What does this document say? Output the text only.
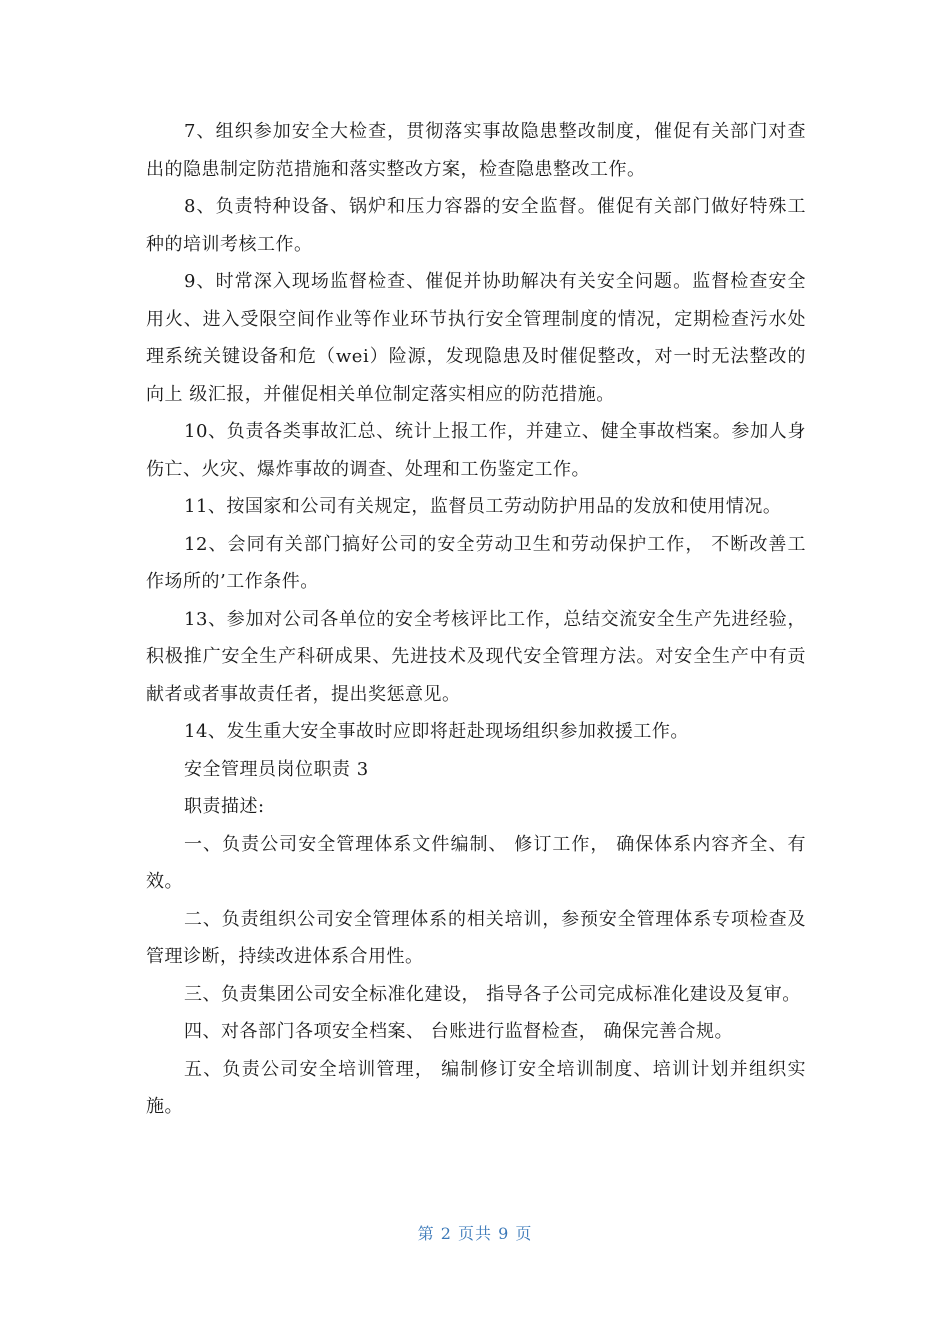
7、组织参加安全大检查，贯彻落实事故隐患整改制度，催促有关部门对查出的隐患制定防范措施和落实整改方案，检查隐患整改工作。

8、负责特种设备、锅炉和压力容器的安全监督。催促有关部门做好特殊工种的培训考核工作。

9、时常深入现场监督检查、催促并协助解决有关安全问题。监督检查安全用火、进入受限空间作业等作业环节执行安全管理制度的情况，定期检查污水处理系统关键设备和危（wei）险源，发现隐患及时催促整改，对一时无法整改的向上 级汇报，并催促相关单位制定落实相应的防范措施。

10、负责各类事故汇总、统计上报工作，并建立、健全事故档案。参加人身伤亡、火灾、爆炸事故的调查、处理和工伤鉴定工作。

11、按国家和公司有关规定，监督员工劳动防护用品的发放和使用情况。

12、会同有关部门搞好公司的安全劳动卫生和劳动保护工作， 不断改善工作场所的’工作条件。

13、参加对公司各单位的安全考核评比工作，总结交流安全生产先进经验，积极推广安全生产科研成果、先进技术及现代安全管理方法。对安全生产中有贡献者或者事故责任者，提出奖惩意见。

14、发生重大安全事故时应即将赶赴现场组织参加救援工作。

安全管理员岗位职责 3

职责描述:

一、负责公司安全管理体系文件编制、 修订工作， 确保体系内容齐全、有效。

二、负责组织公司安全管理体系的相关培训，参预安全管理体系专项检查及管理诊断，持续改进体系合用性。

三、负责集团公司安全标准化建设， 指导各子公司完成标准化建设及复审。

四、对各部门各项安全档案、 台账进行监督检查， 确保完善合规。

五、负责公司安全培训管理， 编制修订安全培训制度、培训计划并组织实施。

第 2 页共 9 页
